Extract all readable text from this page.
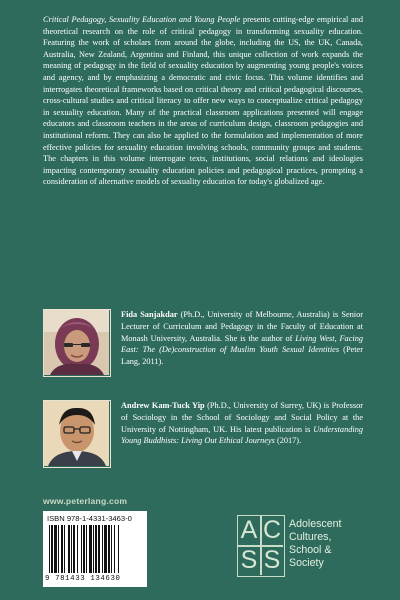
Critical Pedagogy, Sexuality Education and Young People presents cutting-edge empirical and theoretical research on the role of critical pedagogy in transforming sexuality education. Featuring the work of scholars from around the globe, including the US, the UK, Canada, Australia, New Zealand, Argentina and Finland, this unique collection of work expands the meaning of pedagogy in the field of sexuality education by augmenting young people's voices and agency, and by emphasizing a democratic and civic focus. This volume identifies and interrogates theoretical frameworks based on critical theory and critical pedagogical discourses, cross-cultural studies and critical literacy to offer new ways to conceptualize critical pedagogy in sexuality education. Many of the practical classroom applications presented will engage educators and classroom teachers in the areas of curriculum design, classroom pedagogies and institutional reform. They can also be applied to the formulation and implementation of more effective policies for sexuality education involving schools, community groups and students. The chapters in this volume interrogate texts, institutions, social relations and ideologies impacting contemporary sexuality education policies and pedagogical practices, prompting a consideration of alternative models of sexuality education for today's globalized age.

Fida Sanjakdar (Ph.D., University of Melbourne, Australia) is Senior Lecturer of Curriculum and Pedagogy in the Faculty of Education at Monash University, Australia. She is the author of Living West, Facing East: The (De)construction of Muslim Youth Sexual Identities (Peter Lang, 2011).

Andrew Kam-Tuck Yip (Ph.D., University of Surrey, UK) is Professor of Sociology in the School of Sociology and Social Policy at the University of Nottingham, UK. His latest publication is Understanding Young Buddhists: Living Out Ethical Journeys (2017).

www.peterlang.com
ISBN 978-1-4331-3463-0
9 781433 134630
A C
S S
Adolescent
Cultures,
School &
Society
